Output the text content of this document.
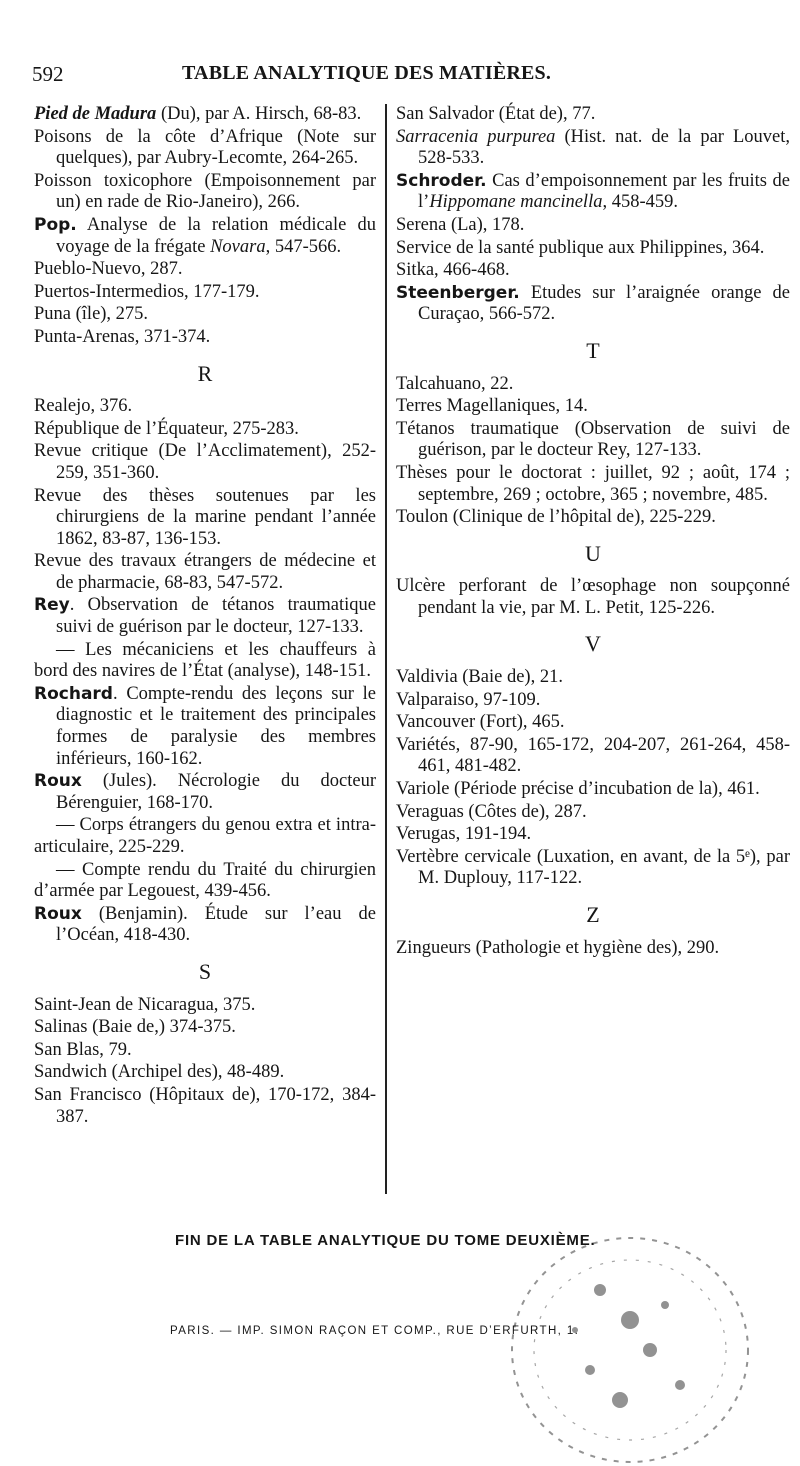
592	TABLE ANALYTIQUE DES MATIÈRES.

Pied de Madura (Du), par A. Hirsch, 68-83.

Poisons de la côte d’Afrique (Note sur quelques), par Aubry-Lecomte, 264-265.

Poisson toxicophore (Empoisonnement par un) en rade de Rio-Janeiro), 266.

Pop. Analyse de la relation médicale du voyage de la frégate Novara, 547-566.

Pueblo-Nuevo, 287.

Puertos-Intermedios, 177-179.

Puna (île), 275.

Punta-Arenas, 371-374.

R

Realejo, 376.

République de l’Équateur, 275-283.

Revue critique (De l’Acclimatement), 252-259, 351-360.

Revue des thèses soutenues par les chirurgiens de la marine pendant l’année 1862, 83-87, 136-153.

Revue des travaux étrangers de médecine et de pharmacie, 68-83, 547-572.

Rey. Observation de tétanos traumatique suivi de guérison par le docteur, 127-133.

— Les mécaniciens et les chauffeurs à bord des navires de l’État (analyse), 148-151.

Rochard. Compte-rendu des leçons sur le diagnostic et le traitement des principales formes de paralysie des membres inférieurs, 160-162.

Roux (Jules). Nécrologie du docteur Bérenguier, 168-170.

— Corps étrangers du genou extra et intra-articulaire, 225-229.

— Compte rendu du Traité du chirurgien d’armée par Legouest, 439-456.

Roux (Benjamin). Étude sur l’eau de l’Océan, 418-430.

S

Saint-Jean de Nicaragua, 375.

Salinas (Baie de,) 374-375.

San Blas, 79.

Sandwich (Archipel des), 48-489.

San Francisco (Hôpitaux de), 170-172, 384-387.

San Salvador (État de), 77.

Sarracenia purpurea (Hist. nat. de la par Louvet, 528-533.

Schroder. Cas d’empoisonnement par les fruits de l’Hippomane mancinella, 458-459.

Serena (La), 178.

Service de la santé publique aux Philippines, 364.

Sitka, 466-468.

Steenberger. Etudes sur l’araignée orange de Curaçao, 566-572.

T

Talcahuano, 22.

Terres Magellaniques, 14.

Tétanos traumatique (Observation de suivi de guérison, par le docteur Rey, 127-133.

Thèses pour le doctorat : juillet, 92 ; août, 174 ; septembre, 269 ; octobre, 365 ; novembre, 485.

Toulon (Clinique de l’hôpital de), 225-229.

U

Ulcère perforant de l’œsophage non soupçonné pendant la vie, par M. L. Petit, 125-226.

V

Valdivia (Baie de), 21.

Valparaiso, 97-109.

Vancouver (Fort), 465.

Variétés, 87-90, 165-172, 204-207, 261-264, 458-461, 481-482.

Variole (Période précise d’incubation de la), 461.

Veraguas (Côtes de), 287.

Verugas, 191-194.

Vertèbre cervicale (Luxation, en avant, de la 5ᵉ), par M. Duplouy, 117-122.

Z

Zingueurs (Pathologie et hygiène des), 290.

FIN DE LA TABLE ANALYTIQUE DU TOME DEUXIÈME.
PARIS. — IMP. SIMON RAÇON ET COMP., RUE D’ERFURTH, 1.
